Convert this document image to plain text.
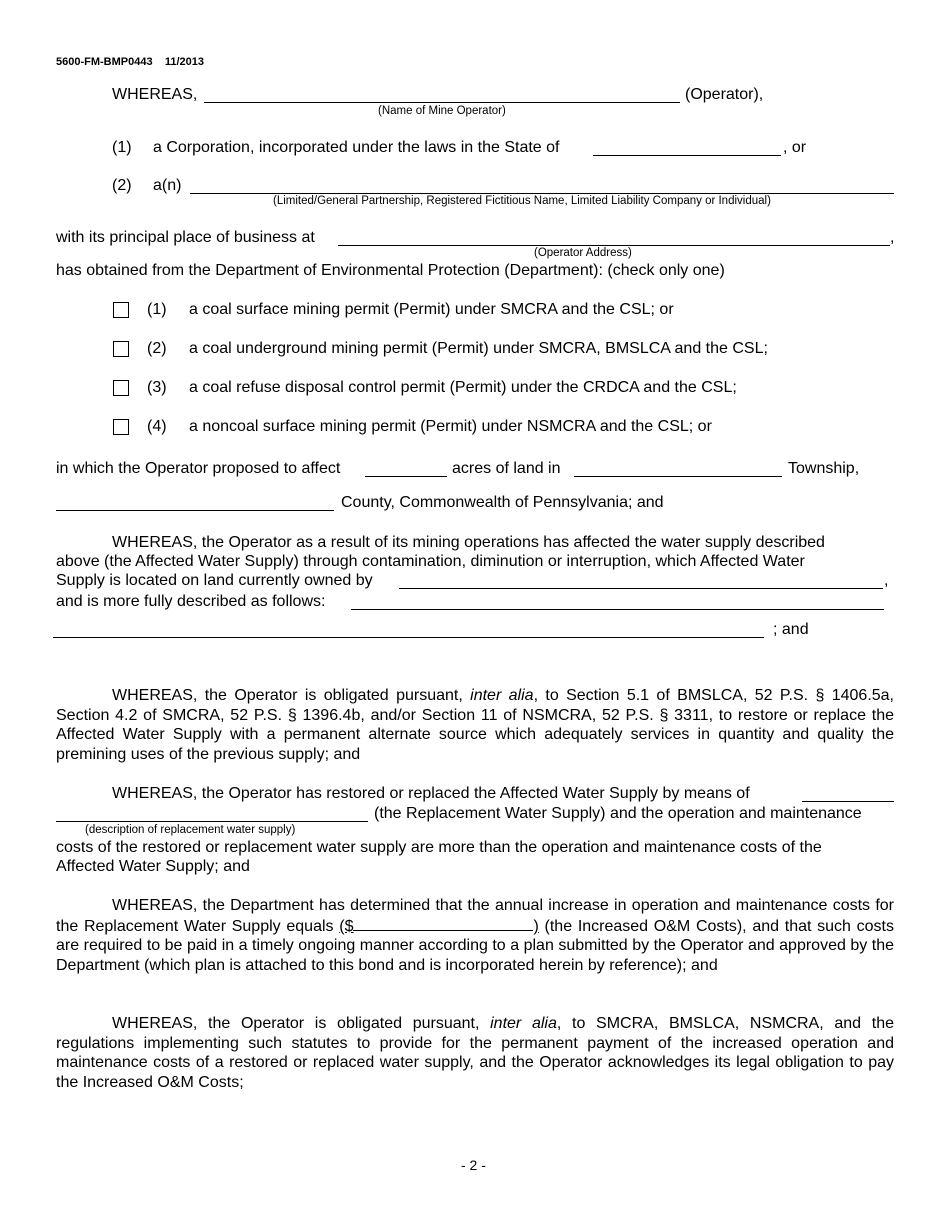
5600-FM-BMP0443 11/2013
WHEREAS,	(Operator),
(Name of Mine Operator)
(1) a Corporation, incorporated under the laws in the State of	, or
(2) a(n)
(Limited/General Partnership, Registered Fictitious Name, Limited Liability Company or Individual)
with its principal place of business at	,
(Operator Address)
has obtained from the Department of Environmental Protection (Department): (check only one)
(1) a coal surface mining permit (Permit) under SMCRA and the CSL; or
(2) a coal underground mining permit (Permit) under SMCRA, BMSLCA and the CSL;
(3) a coal refuse disposal control permit (Permit) under the CRDCA and the CSL;
(4) a noncoal surface mining permit (Permit) under NSMCRA and the CSL; or
in which the Operator proposed to affect	acres of land in	Township,
County, Commonwealth of Pennsylvania; and
WHEREAS, the Operator as a result of its mining operations has affected the water supply described
above (the Affected Water Supply) through contamination, diminution or interruption, which Affected Water
Supply is located on land currently owned by	,
and is more fully described as follows:
; and
WHEREAS, the Operator is obligated pursuant, inter alia, to Section 5.1 of BMSLCA, 52 P.S. § 1406.5a, Section 4.2 of SMCRA, 52 P.S. § 1396.4b, and/or Section 11 of NSMCRA, 52 P.S. § 3311, to restore or replace the Affected Water Supply with a permanent alternate source which adequately services in quantity and quality the premining uses of the previous supply; and
WHEREAS, the Operator has restored or replaced the Affected Water Supply by means of
(the Replacement Water Supply) and the operation and maintenance
(description of replacement water supply)
costs of the restored or replacement water supply are more than the operation and maintenance costs of the
Affected Water Supply; and
WHEREAS, the Department has determined that the annual increase in operation and maintenance costs for the Replacement Water Supply equals ($	) (the Increased O&M Costs), and that such costs are required to be paid in a timely ongoing manner according to a plan submitted by the Operator and approved by the Department (which plan is attached to this bond and is incorporated herein by reference); and
WHEREAS, the Operator is obligated pursuant, inter alia, to SMCRA, BMSLCA, NSMCRA, and the regulations implementing such statutes to provide for the permanent payment of the increased operation and maintenance costs of a restored or replaced water supply, and the Operator acknowledges its legal obligation to pay the Increased O&M Costs;
- 2 -
